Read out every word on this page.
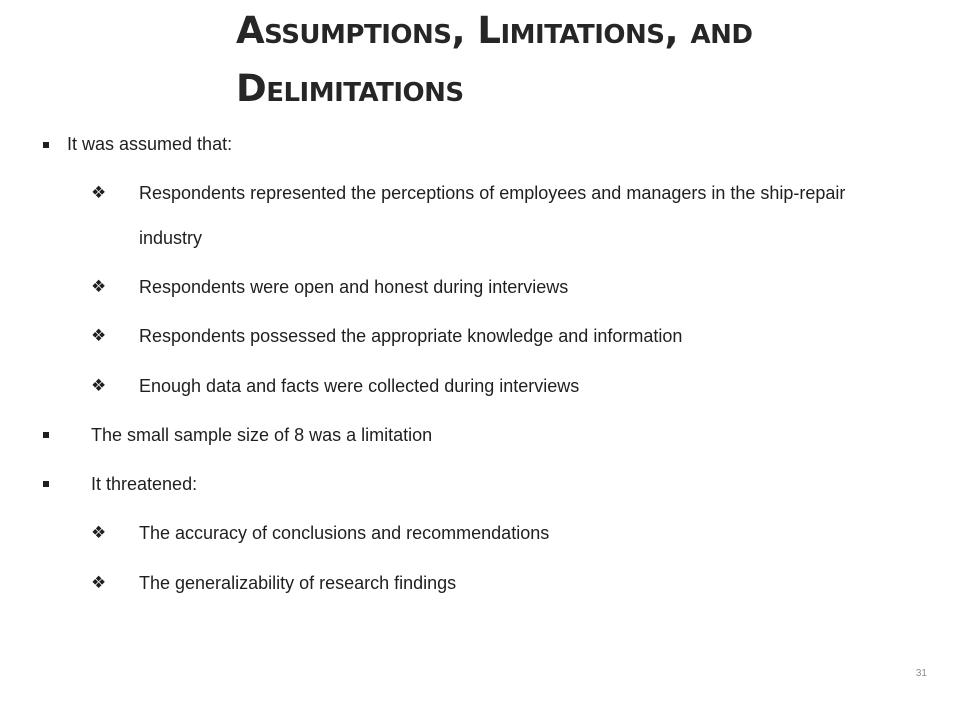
Assumptions, Limitations, and Delimitations
It was assumed that:
❖ Respondents represented the perceptions of employees and managers in the ship-repair industry
❖ Respondents were open and honest during interviews
❖ Respondents possessed the appropriate knowledge and information
❖ Enough data and facts were collected during interviews
The small sample size of 8 was a limitation
It threatened:
❖ The accuracy of conclusions and recommendations
❖ The generalizability of research findings
31
